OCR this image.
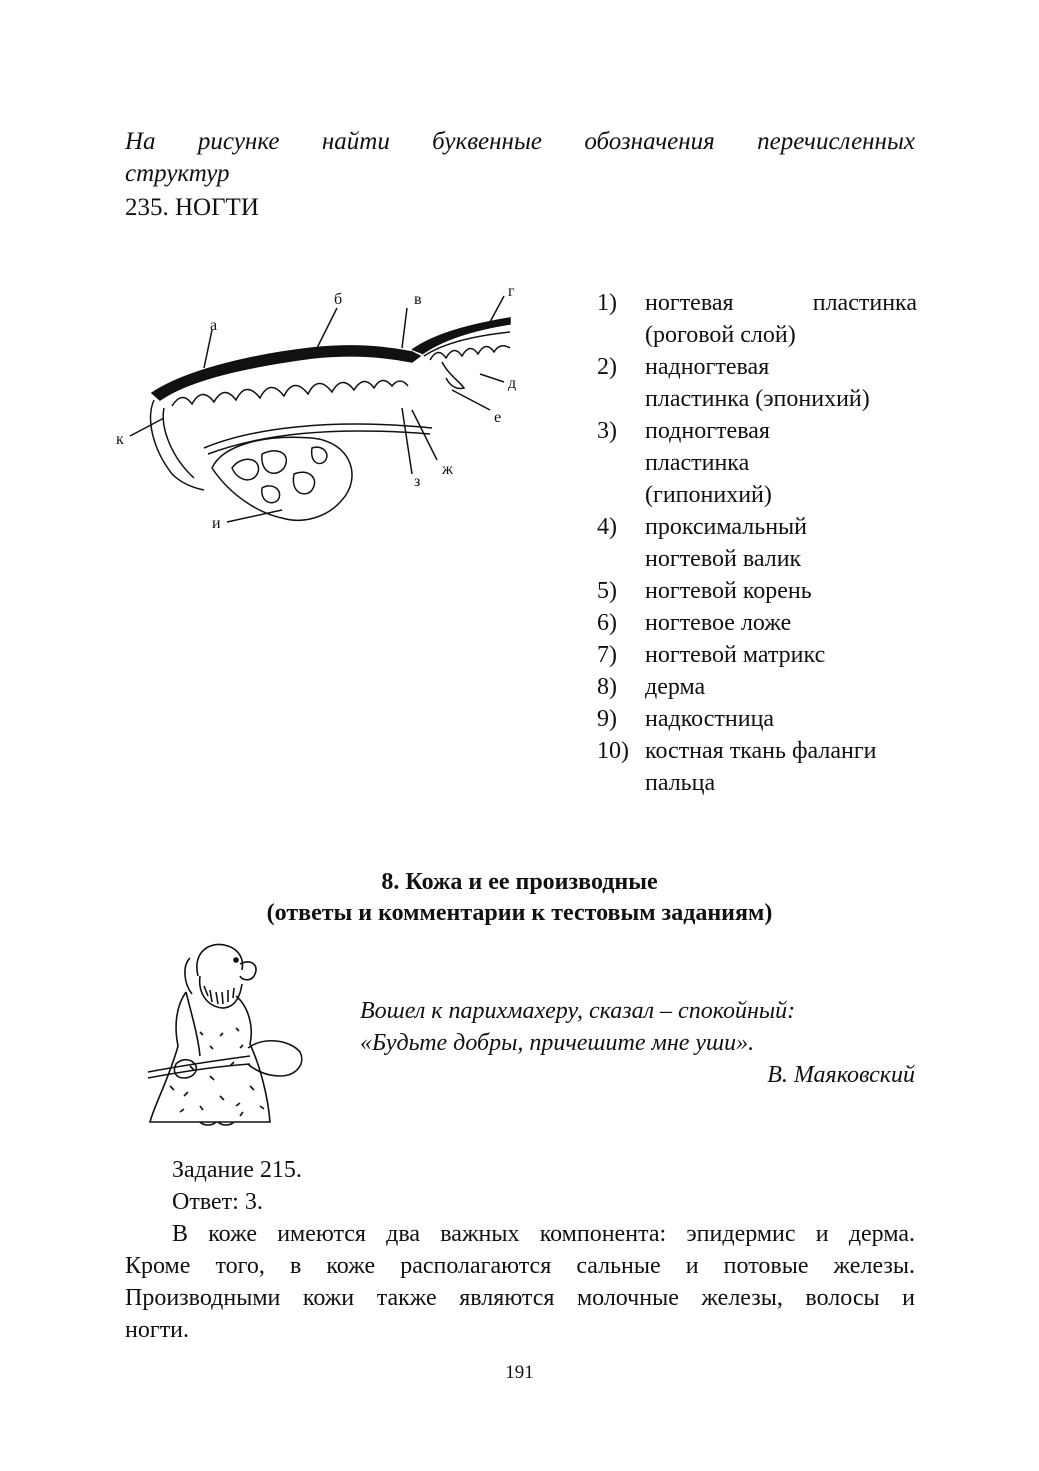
На рисунке найти буквенные обозначения перечисленных
структур
235. НОГТИ
а
б	в	г
д
е
ж
з
и
к
1)	ногтевая пластинка
(роговой слой)
2)	надногтевая
пластинка (эпонихий)
3)	подногтевая
пластинка
(гипонихий)
4)	проксимальный
ногтевой валик
5)	ногтевой корень
6)	ногтевое ложе
7)	ногтевой матрикс
8)	дерма
9)	надкостница
10) костная ткань фаланги
пальца
8. Кожа и ее производные
(ответы и комментарии к тестовым заданиям)
Вошел к парихмахеру, сказал – спокойный:
«Будьте добры, причешите мне уши».
В. Маяковский
Задание 215.
Ответ: 3.
В коже имеются два важных компонента: эпидермис и дерма.
Кроме того, в коже располагаются сальные и потовые железы.
Производными кожи также являются молочные железы, волосы и
ногти.
191
